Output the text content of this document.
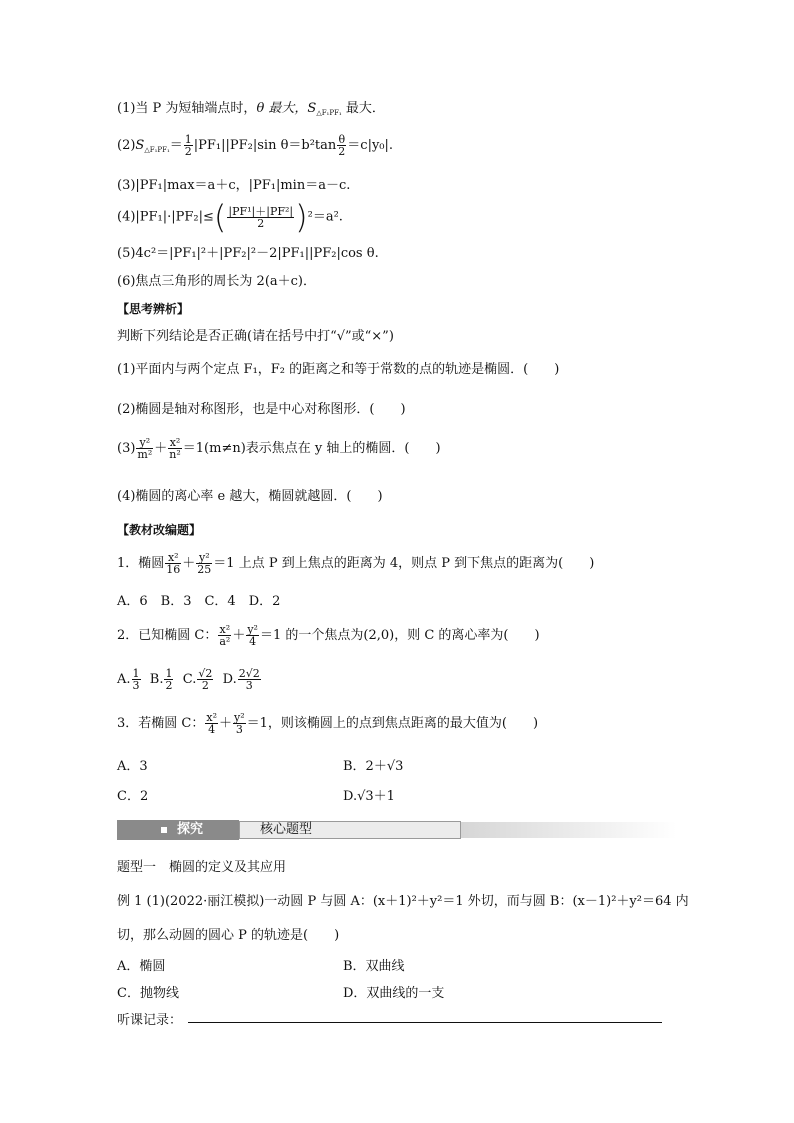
(1)当 P 为短轴端点时，θ 最大，$S_{\triangle F_1PF_1}$ 最大．
$(2)S_{\triangle F_1PF_1}= \frac{1}{2} |PF_1||PF_2|\sin$ $\theta=b^2\tan \frac{\theta}{2} =c|y_0|$.
(3)|PF₁|max＝a＋c，|PF₁|min＝a－c.
$(4)|PF_1|\cdot|PF_2|\le( \frac{\text{|PF¹|＋|PF²|}}{2} )^2=a^2$.
(5)4c²＝|PF₁|²＋|PF₂|²－2|PF₁||PF₂|cos θ.
(6)焦点三角形的周长为 2(a＋c)．
【思考辨析】
判断下列结论是否正确(请在括号中打“√”或“×”)
(1)平面内与两个定点 F₁，F₂ 的距离之和等于常数的点的轨迹是椭圆．(　　)
(2)椭圆是轴对称图形，也是中心对称图形．(　　)
$(3) \frac{\text{y²}}{\text{m²}} + \frac{\text{x²}}{\text{n²}} =1(m\ne n)$表示焦点在 y 轴上的椭圆．(　　)
(4)椭圆的离心率 e 越大，椭圆就越圆．(　　)
【教材改编题】
1．椭圆 $\frac{\text{x²}}{16} + \frac{\text{y²}}{25} =1$ 上点 P 到上焦点的距离为 4，则点 P 到下焦点的距离为(　　)
A．6　B．3　C．4　D．2
2．已知椭圆 C： $\frac{\text{x²}}{\text{a²}} + \frac{\text{y²}}{4} =1$ 的一个焦点为(2,0)，则 C 的离心率为(　　)
A. $\frac{1}{3} B$. $\frac{1}{2} C$. $\frac{√2}{2} D$. $\frac{2√2}{3}$
3．若椭圆 C： $\frac{\text{x²}}{4} + \frac{\text{y²}}{3} =1$，则该椭圆上的点到焦点距离的最大值为(　　)
A．3	B．2＋√3
C．2	D.√3＋1
探究	核心题型
题型一　椭圆的定义及其应用
例 1 (1)(2022·丽江模拟)一动圆 P 与圆 A：(x＋1)²＋y²＝1 外切，而与圆 B：(x－1)²＋y²＝64 内
切，那么动圆的圆心 P 的轨迹是(　　)
A．椭圆	B．双曲线
C．抛物线	D．双曲线的一支
听课记录：
